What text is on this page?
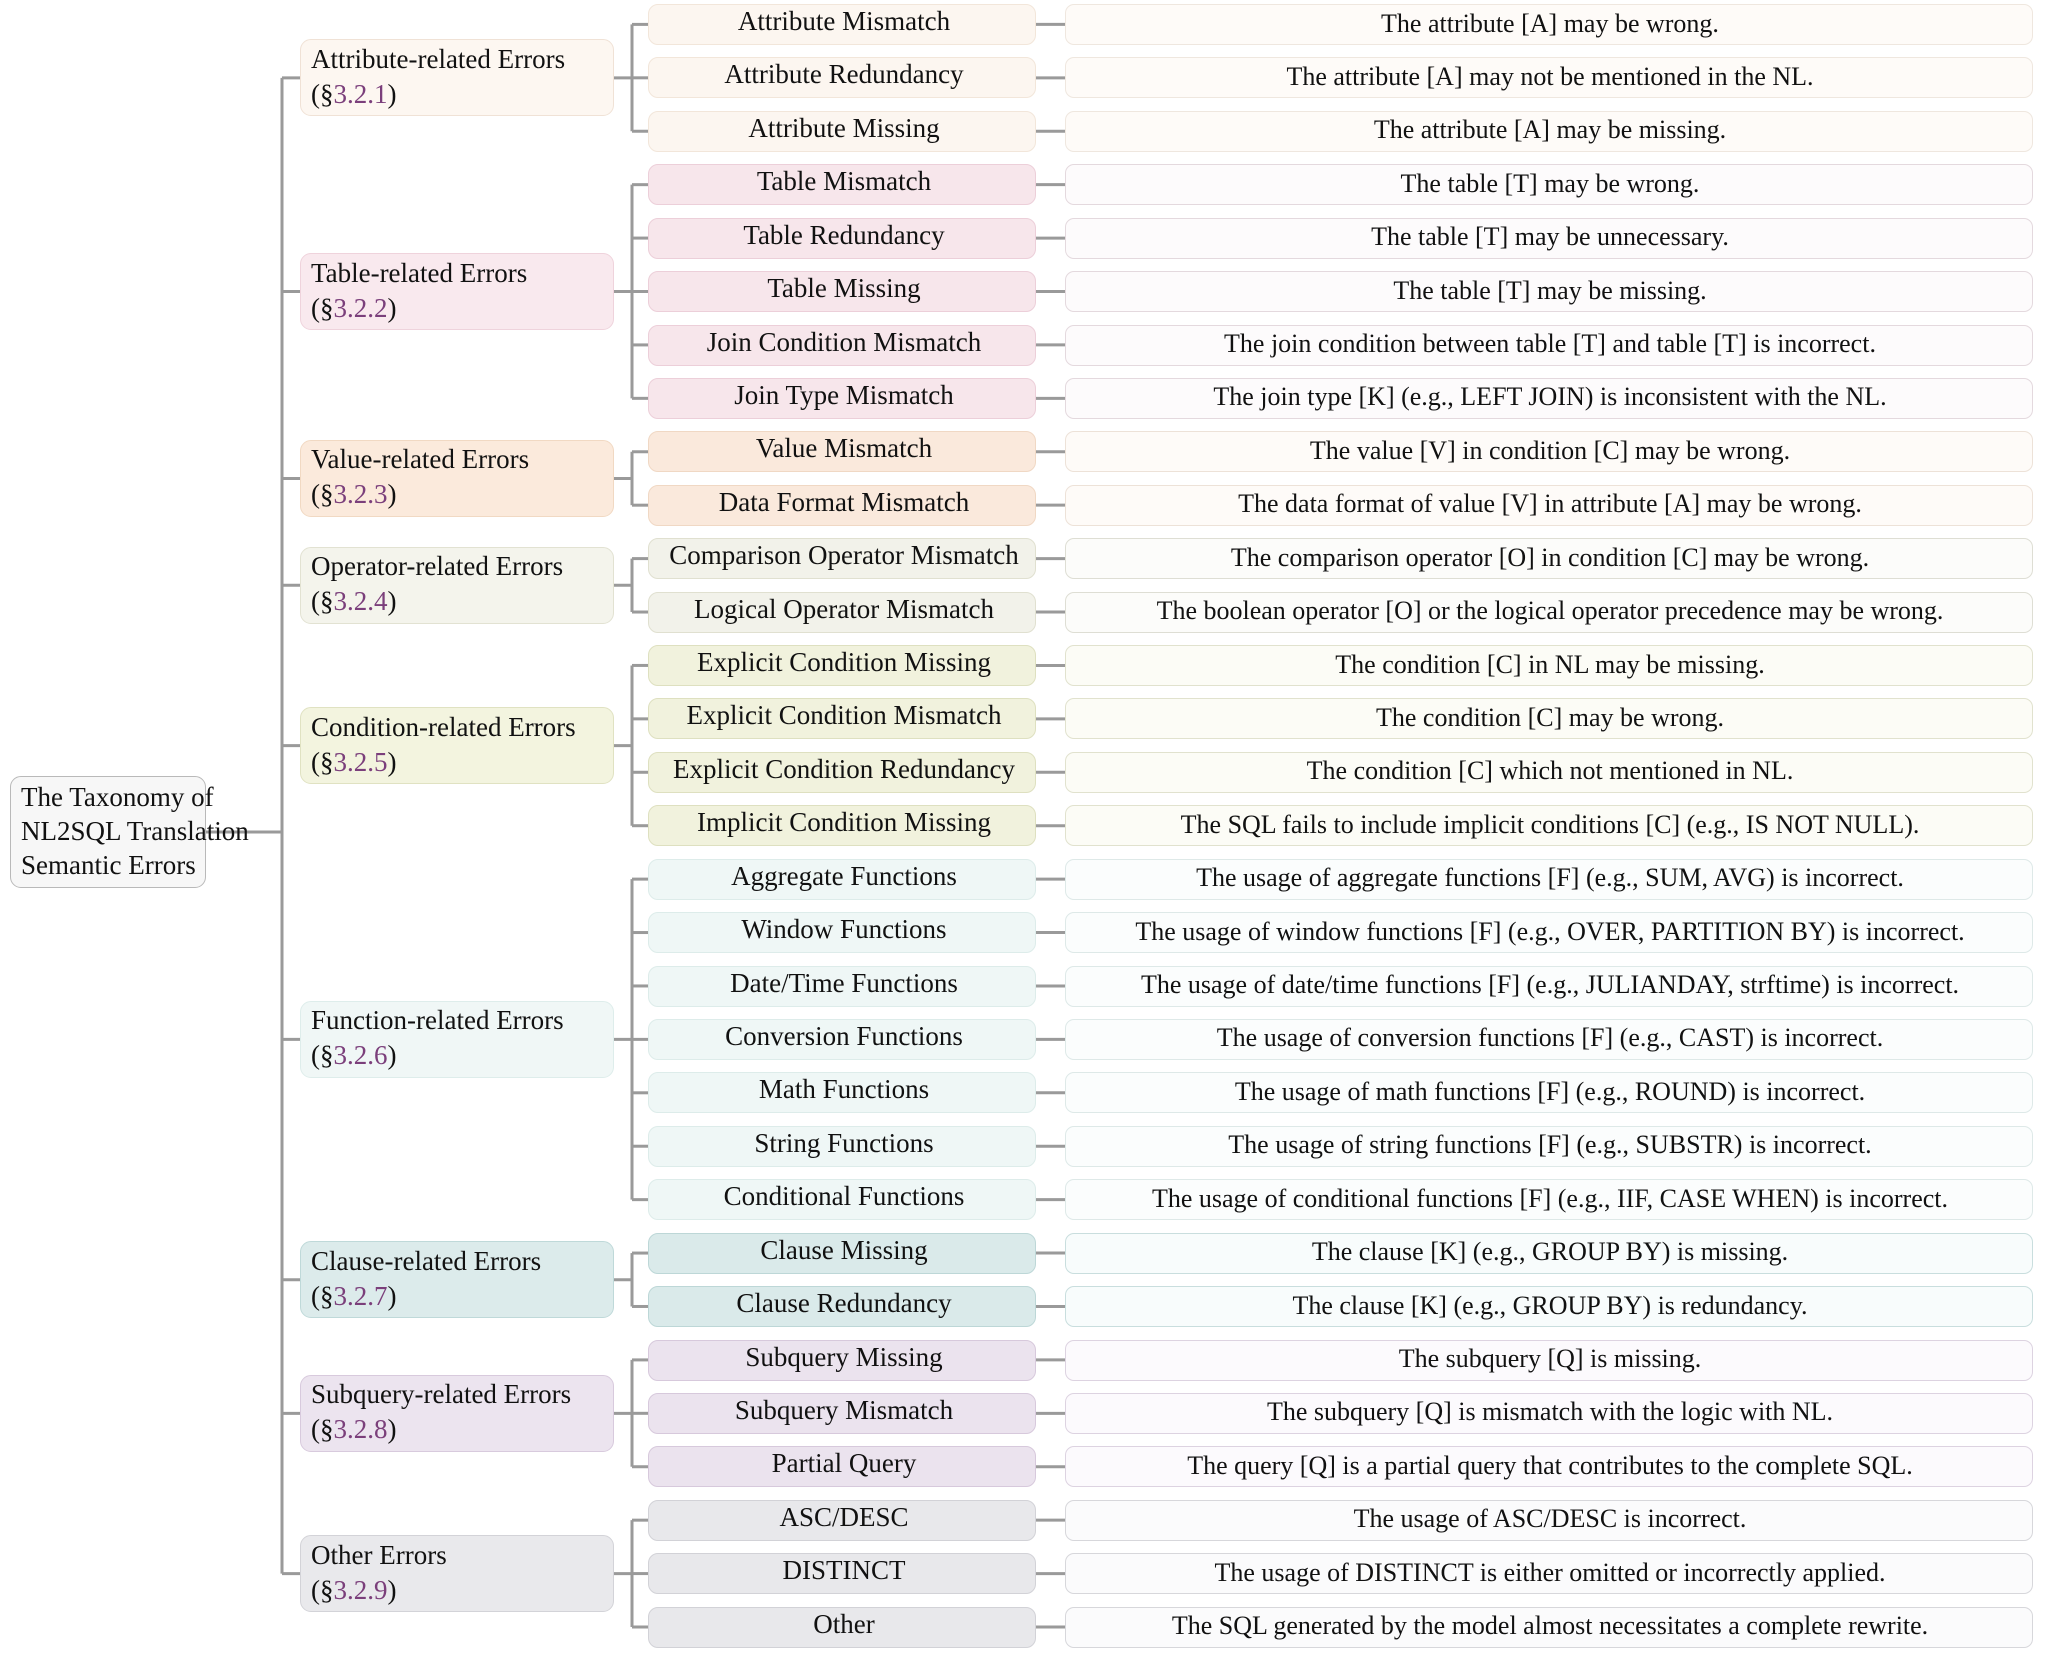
The Taxonomy of
NL2SQL Translation
Semantic Errors
Attribute Mismatch	The attribute [A] may be wrong.
Attribute Redundancy	The attribute [A] may not be mentioned in the NL.
Attribute Missing	The attribute [A] may be missing.
Attribute-related Errors
(§3.2.1)
Table Mismatch	The table [T] may be wrong.
Table Redundancy	The table [T] may be unnecessary.
Table Missing	The table [T] may be missing.
Join Condition Mismatch	The join condition between table [T] and table [T] is incorrect.
Join Type Mismatch	The join type [K] (e.g., LEFT JOIN) is inconsistent with the NL.
Table-related Errors
(§3.2.2)
Value Mismatch	The value [V] in condition [C] may be wrong.
Data Format Mismatch	The data format of value [V] in attribute [A] may be wrong.
Value-related Errors
(§3.2.3)
Comparison Operator Mismatch	The comparison operator [O] in condition [C] may be wrong.
Logical Operator Mismatch	The boolean operator [O] or the logical operator precedence may be wrong.
Operator-related Errors
(§3.2.4)
Explicit Condition Missing	The condition [C] in NL may be missing.
Explicit Condition Mismatch	The condition [C] may be wrong.
Explicit Condition Redundancy	The condition [C] which not mentioned in NL.
Implicit Condition Missing	The SQL fails to include implicit conditions [C] (e.g., IS NOT NULL).
Condition-related Errors
(§3.2.5)
Aggregate Functions	The usage of aggregate functions [F] (e.g., SUM, AVG) is incorrect.
Window Functions	The usage of window functions [F] (e.g., OVER, PARTITION BY) is incorrect.
Date/Time Functions	The usage of date/time functions [F] (e.g., JULIANDAY, strftime) is incorrect.
Conversion Functions	The usage of conversion functions [F] (e.g., CAST) is incorrect.
Math Functions	The usage of math functions [F] (e.g., ROUND) is incorrect.
String Functions	The usage of string functions [F] (e.g., SUBSTR) is incorrect.
Conditional Functions	The usage of conditional functions [F] (e.g., IIF, CASE WHEN) is incorrect.
Function-related Errors
(§3.2.6)
Clause Missing	The clause [K] (e.g., GROUP BY) is missing.
Clause Redundancy	The clause [K] (e.g., GROUP BY) is redundancy.
Clause-related Errors
(§3.2.7)
Subquery Missing	The subquery [Q] is missing.
Subquery Mismatch	The subquery [Q] is mismatch with the logic with NL.
Partial Query	The query [Q] is a partial query that contributes to the complete SQL.
Subquery-related Errors
(§3.2.8)
ASC/DESC	The usage of ASC/DESC is incorrect.
DISTINCT	The usage of DISTINCT is either omitted or incorrectly applied.
Other	The SQL generated by the model almost necessitates a complete rewrite.
Other Errors
(§3.2.9)
